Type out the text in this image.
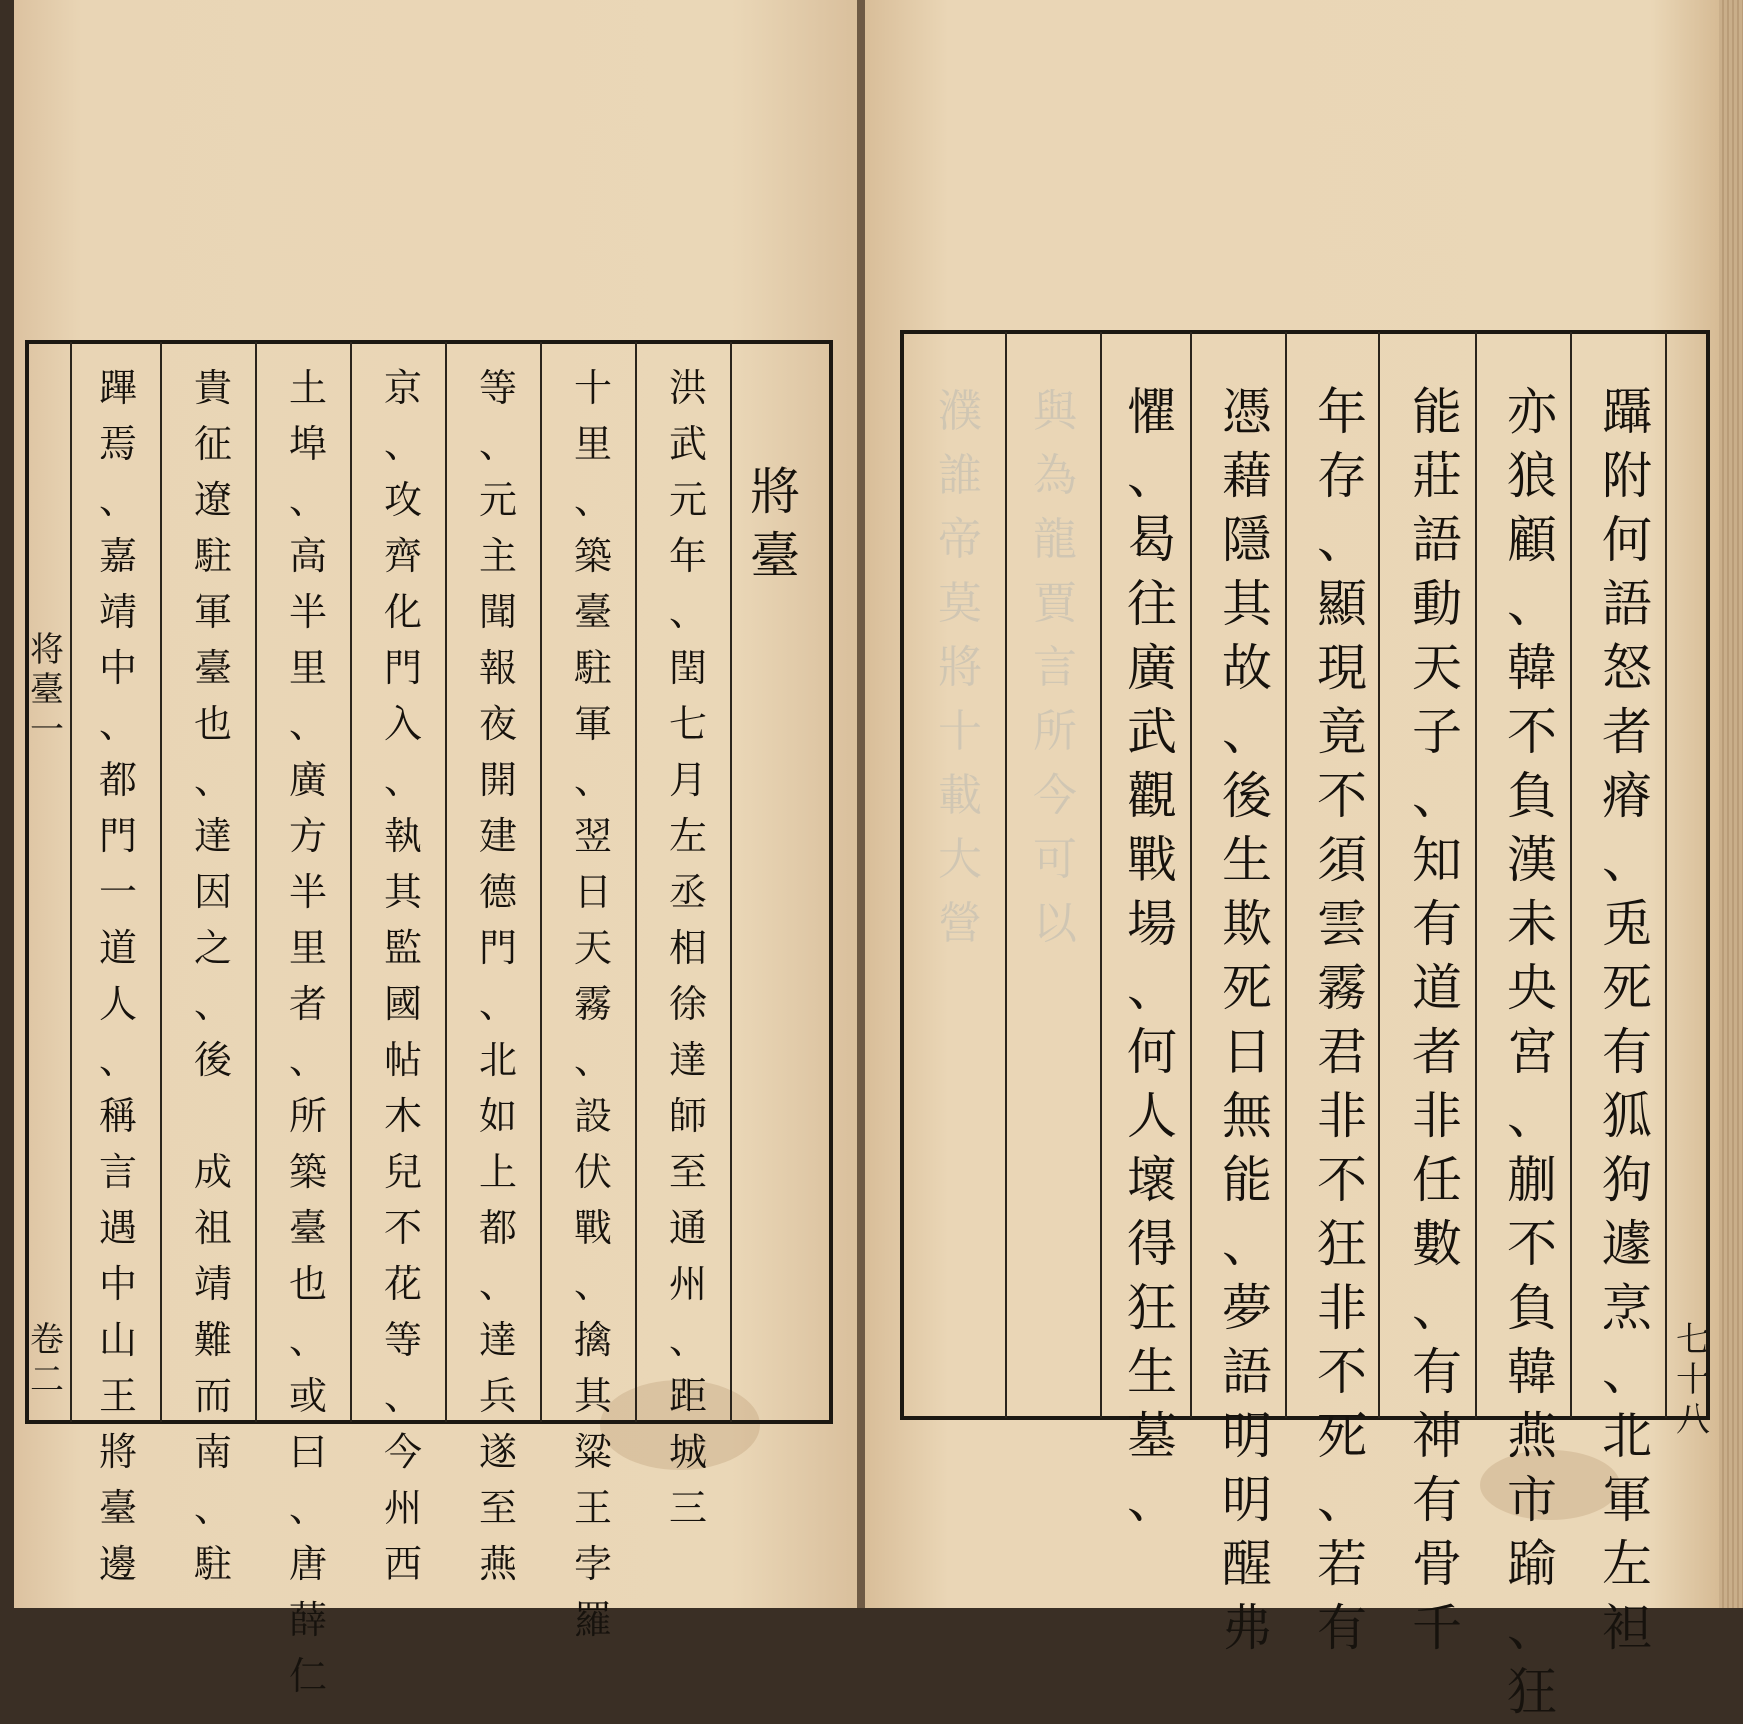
将
臺
一
卷
二
將
臺
洪
武
元
年
、
閏
七
月
左
丞
相
徐
達
師
至
通
州
、
距
城
三
十
里
、
築
臺
駐
軍
、
翌
日
天
霧
、
設
伏
戰
、
擒
其
粱
王
孛
羅
等
、
元
主
聞
報
夜
開
建
德
門
、
北
如
上
都
、
達
兵
遂
至
燕
京
、
攻
齊
化
門
入
、
執
其
監
國
帖
木
兒
不
花
等
、
今
州
西
土
埠
、
高
半
里
、
廣
方
半
里
者
、
所
築
臺
也
、
或
曰
、
唐
薛
仁
貴
征
遼
駐
軍
臺
也
、
達
因
之
、
後

成
祖
靖
難
而
南
、
駐
蹕
焉
、
嘉
靖
中
、
都
門
一
道
人
、
稱
言
遇
中
山
王
將
臺
邊
濮
誰
帝
莫
將
十
載
大
營
與
為
龍
賈
言
所
今
可
以
躡
附
何
語
怒
者
瘠
、
兎
死
有
狐
狗
遽
烹
、
北
軍
左
袒
亦
狼
顧
、
韓
不
負
漢
未
央
宮
、
蒯
不
負
韓
燕
市
踰
、
狂
能
莊
語
動
天
子
、
知
有
道
者
非
任
數
、
有
神
有
骨
千
年
存
、
顯
現
竟
不
須
雲
霧
君
非
不
狂
非
不
死
、
若
有
憑
藉
隱
其
故
、
後
生
欺
死
日
無
能
、
夢
語
明
明
醒
弗
懼
、
曷
往
廣
武
觀
戰
場
、
何
人
壞
得
狂
生
墓
、
七
十
八
